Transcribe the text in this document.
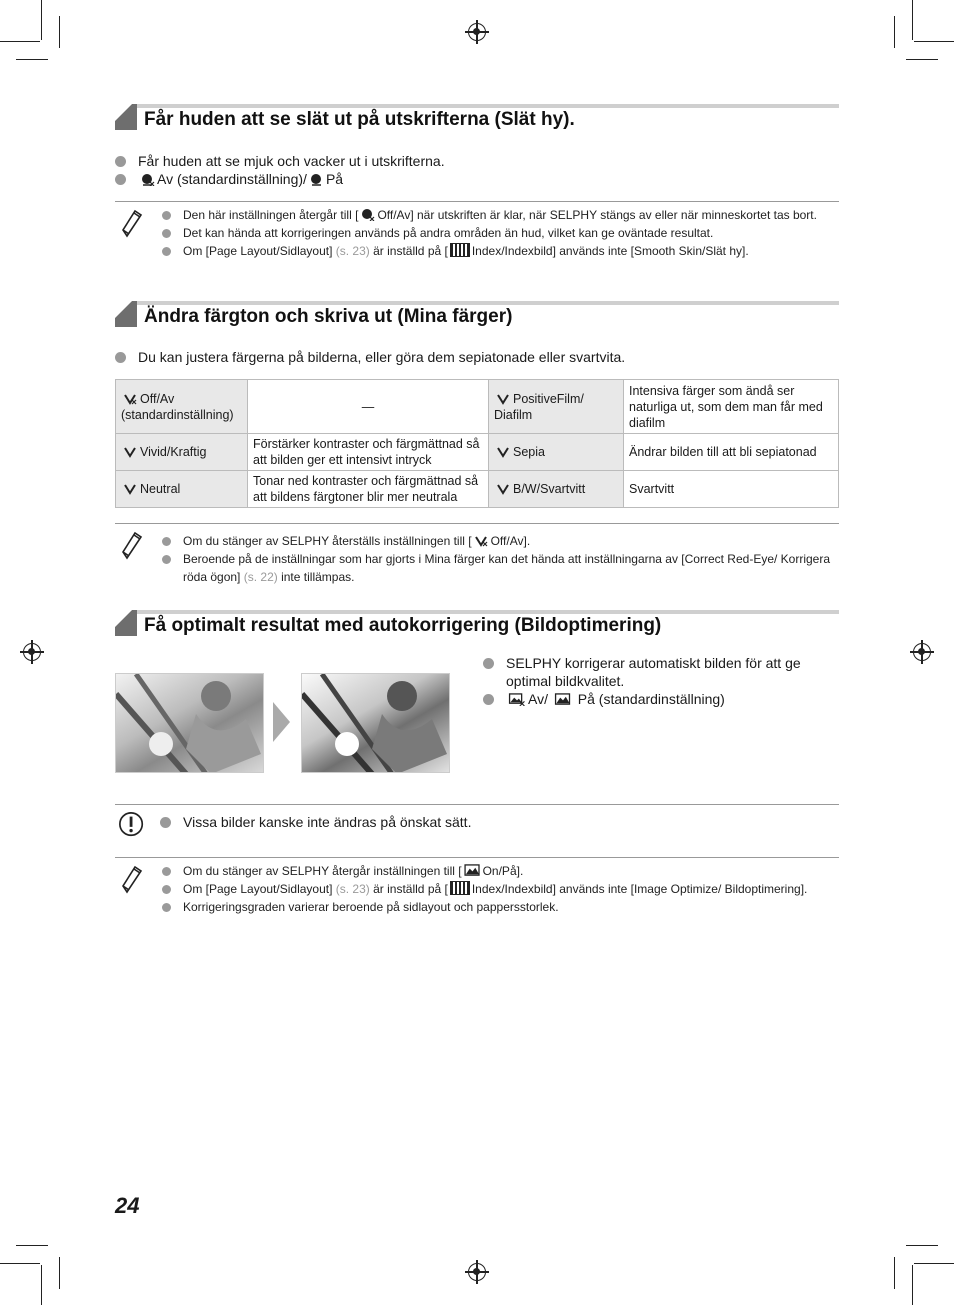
Får huden att se slät ut på utskrifterna (Slät hy).
Får huden att se mjuk och vacker ut i utskrifterna.
Av (standardinställning)/ På
Den här inställningen återgår till [ Off/Av] när utskriften är klar, när SELPHY stängs av eller när minneskortet tas bort.
Det kan hända att korrigeringen används på andra områden än hud, vilket kan ge oväntade resultat.
Om [Page Layout/Sidlayout] (s. 23) är inställd på [ Index/Indexbild] används inte [Smooth Skin/Slät hy].
Ändra färgton och skriva ut (Mina färger)
Du kan justera färgerna på bilderna, eller göra dem sepiatonade eller svartvita.
Off/Av (standardinställning)	—	PositiveFilm/ Diafilm	Intensiva färger som ändå ser naturliga ut, som dem man får med diafilm
Vivid/Kraftig	Förstärker kontraster och färgmättnad så att bilden ger ett intensivt intryck	Sepia	Ändrar bilden till att bli sepiatonad
Neutral	Tonar ned kontraster och färgmättnad så att bildens färgtoner blir mer neutrala	B/W/Svartvitt	Svartvitt
Om du stänger av SELPHY återställs inställningen till [ Off/Av].
Beroende på de inställningar som har gjorts i Mina färger kan det hända att inställningarna av [Correct Red-Eye/ Korrigera röda ögon] (s. 22) inte tillämpas.
Få optimalt resultat med autokorrigering (Bildoptimering)
SELPHY korrigerar automatiskt bilden för att ge optimal bildkvalitet.
Av/ På (standardinställning)
Vissa bilder kanske inte ändras på önskat sätt.
Om du stänger av SELPHY återgår inställningen till [ On/På].
Om [Page Layout/Sidlayout] (s. 23) är inställd på [ Index/Indexbild] används inte [Image Optimize/ Bildoptimering].
Korrigeringsgraden varierar beroende på sidlayout och pappersstorlek.
24
